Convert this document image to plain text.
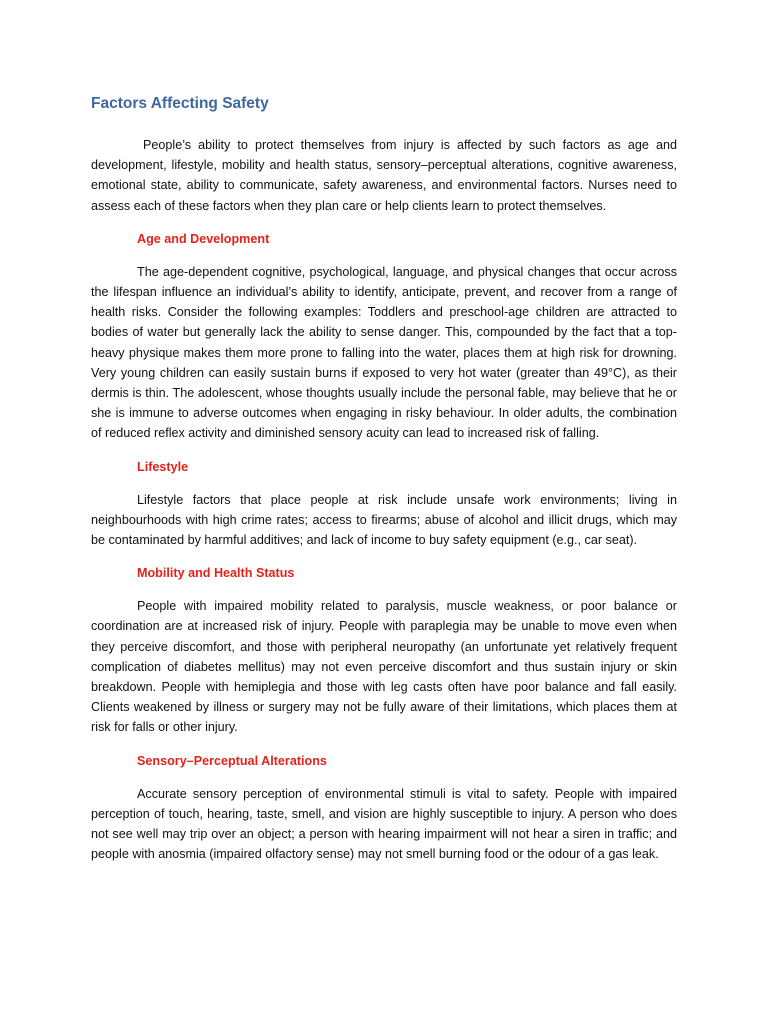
Factors Affecting Safety

People’s ability to protect themselves from injury is affected by such factors as age and development, lifestyle, mobility and health status, sensory–perceptual alterations, cognitive awareness, emotional state, ability to communicate, safety awareness, and environmental factors. Nurses need to assess each of these factors when they plan care or help clients learn to protect themselves.

Age and Development

The age-dependent cognitive, psychological, language, and physical changes that occur across the lifespan influence an individual’s ability to identify, anticipate, prevent, and recover from a range of health risks. Consider the following examples: Toddlers and preschool-age children are attracted to bodies of water but generally lack the ability to sense danger. This, compounded by the fact that a top-heavy physique makes them more prone to falling into the water, places them at high risk for drowning. Very young children can easily sustain burns if exposed to very hot water (greater than 49°C), as their dermis is thin. The adolescent, whose thoughts usually include the personal fable, may believe that he or she is immune to adverse outcomes when engaging in risky behaviour. In older adults, the combination of reduced reflex activity and diminished sensory acuity can lead to increased risk of falling.

Lifestyle

Lifestyle factors that place people at risk include unsafe work environments; living in neighbourhoods with high crime rates; access to firearms; abuse of alcohol and illicit drugs, which may be contaminated by harmful additives; and lack of income to buy safety equipment (e.g., car seat).

Mobility and Health Status

People with impaired mobility related to paralysis, muscle weakness, or poor balance or coordination are at increased risk of injury. People with paraplegia may be unable to move even when they perceive discomfort, and those with peripheral neuropathy (an unfortunate yet relatively frequent complication of diabetes mellitus) may not even perceive discomfort and thus sustain injury or skin breakdown. People with hemiplegia and those with leg casts often have poor balance and fall easily. Clients weakened by illness or surgery may not be fully aware of their limitations, which places them at risk for falls or other injury.

Sensory–Perceptual Alterations

Accurate sensory perception of environmental stimuli is vital to safety. People with impaired perception of touch, hearing, taste, smell, and vision are highly susceptible to injury. A person who does not see well may trip over an object; a person with hearing impairment will not hear a siren in traffic; and people with anosmia (impaired olfactory sense) may not smell burning food or the odour of a gas leak.
